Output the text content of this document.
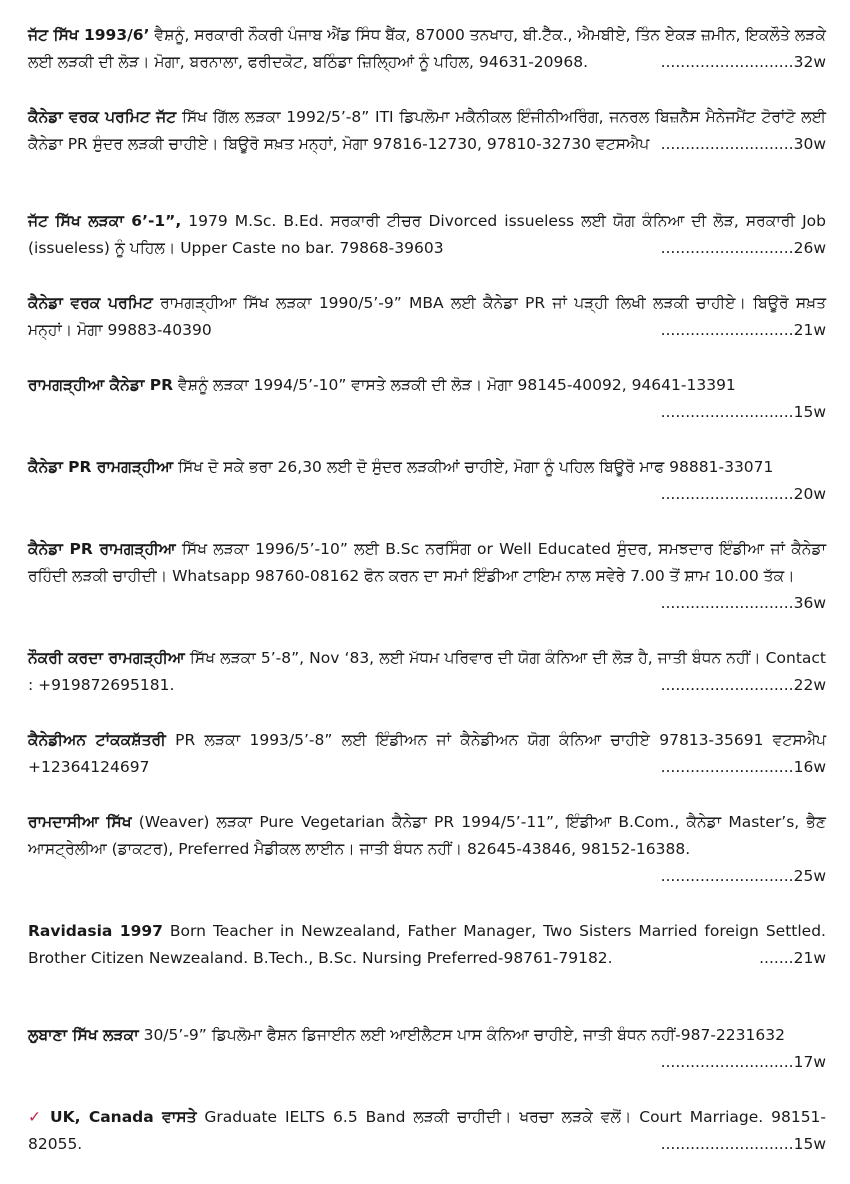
ਜੱਟ ਸਿੱਖ 1993/6’ ਵੈਸ਼ਨੂੰ, ਸਰਕਾਰੀ ਨੌਕਰੀ ਪੰਜਾਬ ਐਂਡ ਸਿੰਧ ਬੈਂਕ, 87000 ਤਨਖਾਹ, ਬੀ.ਟੈੱਕ., ਐਮਬੀਏ, ਤਿੰਨ ਏਕੜ ਜ਼ਮੀਨ, ਇਕਲੌਤੇ ਲੜਕੇ ਲਈ ਲੜਕੀ ਦੀ ਲੋੜ। ਮੋਗਾ, ਬਰਨਾਲਾ, ਫਰੀਦਕੋਟ, ਬਠਿੰਡਾ ਜ਼ਿਲ੍ਹਿਆਂ ਨੂੰ ਪਹਿਲ, 94631-20968.	...........................32w

ਕੈਨੇਡਾ ਵਰਕ ਪਰਮਿਟ ਜੱਟ ਸਿੱਖ ਗਿੱਲ ਲੜਕਾ 1992/5’-8” ITI ਡਿਪਲੋਮਾ ਮਕੈਨੀਕਲ ਇੰਜੀਨੀਅਰਿੰਗ, ਜਨਰਲ ਬਿਜ਼ਨੈੱਸ ਮੈਨੇਜਮੈਂਟ ਟੋਰਾਂਟੋ ਲਈ ਕੈਨੇਡਾ PR ਸੁੰਦਰ ਲੜਕੀ ਚਾਹੀਏ। ਬਿਊਰੋ ਸਖ਼ਤ ਮਨ੍ਹਾਂ, ਮੋਗਾ 97816-12730, 97810-32730 ਵਟਸਐਪ ...........................30w

ਜੱਟ ਸਿੱਖ ਲੜਕਾ 6’-1”, 1979 M.Sc. B.Ed. ਸਰਕਾਰੀ ਟੀਚਰ Divorced issueless ਲਈ ਯੋਗ ਕੰਨਿਆ ਦੀ ਲੋੜ, ਸਰਕਾਰੀ Job (issueless) ਨੂੰ ਪਹਿਲ। Upper Caste no bar. 79868-39603	...........................26w

ਕੈਨੇਡਾ ਵਰਕ ਪਰਮਿਟ ਰਾਮਗੜ੍ਹੀਆ ਸਿੱਖ ਲੜਕਾ 1990/5’-9” MBA ਲਈ ਕੈਨੇਡਾ PR ਜਾਂ ਪੜ੍ਹੀ ਲਿਖੀ ਲੜਕੀ ਚਾਹੀਏ। ਬਿਊਰੋ ਸਖ਼ਤ ਮਨ੍ਹਾਂ। ਮੋਗਾ 99883-40390	...........................21w

ਰਾਮਗੜ੍ਹੀਆ ਕੈਨੇਡਾ PR ਵੈਸ਼ਨੂੰ ਲੜਕਾ 1994/5’-10” ਵਾਸਤੇ ਲੜਕੀ ਦੀ ਲੋੜ। ਮੋਗਾ 98145-40092, 94641-13391
...........................15w

ਕੈਨੇਡਾ PR ਰਾਮਗੜ੍ਹੀਆ ਸਿੱਖ ਦੋ ਸਕੇ ਭਰਾ 26,30 ਲਈ ਦੋ ਸੁੰਦਰ ਲੜਕੀਆਂ ਚਾਹੀਏ, ਮੋਗਾ ਨੂੰ ਪਹਿਲ ਬਿਊਰੋ ਮਾਫ 98881-33071
...........................20w

ਕੈਨੇਡਾ PR ਰਾਮਗੜ੍ਹੀਆ ਸਿੱਖ ਲੜਕਾ 1996/5’-10” ਲਈ B.Sc ਨਰਸਿੰਗ or Well Educated ਸੁੰਦਰ, ਸਮਝਦਾਰ ਇੰਡੀਆ ਜਾਂ ਕੈਨੇਡਾ ਰਹਿੰਦੀ ਲੜਕੀ ਚਾਹੀਦੀ। Whatsapp 98760-08162 ਫੋਨ ਕਰਨ ਦਾ ਸਮਾਂ ਇੰਡੀਆ ਟਾਇਮ ਨਾਲ ਸਵੇਰੇ 7.00 ਤੋਂ ਸ਼ਾਮ 10.00 ਤੱਕ।
...........................36w

ਨੌਕਰੀ ਕਰਦਾ ਰਾਮਗੜ੍ਹੀਆ ਸਿੱਖ ਲੜਕਾ 5’-8”, Nov ‘83, ਲਈ ਮੱਧਮ ਪਰਿਵਾਰ ਦੀ ਯੋਗ ਕੰਨਿਆ ਦੀ ਲੋੜ ਹੈ, ਜਾਤੀ ਬੰਧਨ ਨਹੀਂ। Contact : +919872695181.	...........................22w

ਕੈਨੇਡੀਅਨ ਟਾਂਕਕਸ਼ੱਤਰੀ PR ਲੜਕਾ 1993/5’-8” ਲਈ ਇੰਡੀਅਨ ਜਾਂ ਕੈਨੇਡੀਅਨ ਯੋਗ ਕੰਨਿਆ ਚਾਹੀਏ 97813-35691 ਵਟਸਐਪ +12364124697	...........................16w

ਰਾਮਦਾਸੀਆ ਸਿੱਖ (Weaver) ਲੜਕਾ Pure Vegetarian ਕੈਨੇਡਾ PR 1994/5’-11”, ਇੰਡੀਆ B.Com., ਕੈਨੇਡਾ Master’s, ਭੈਣ ਆਸਟ੍ਰੇਲੀਆ (ਡਾਕਟਰ), Preferred ਮੈਡੀਕਲ ਲਾਈਨ। ਜਾਤੀ ਬੰਧਨ ਨਹੀਂ। 82645-43846, 98152-16388.
...........................25w

Ravidasia 1997 Born Teacher in Newzealand, Father Manager, Two Sisters Married foreign Settled. Brother Citizen Newzealand. B.Tech., B.Sc. Nursing Preferred-98761-79182.	.......21w

ਲੁਬਾਣਾ ਸਿੱਖ ਲੜਕਾ 30/5’-9” ਡਿਪਲੋਮਾ ਫੈਸ਼ਨ ਡਿਜਾਈਨ ਲਈ ਆਈਲੈਟਸ ਪਾਸ ਕੰਨਿਆ ਚਾਹੀਏ, ਜਾਤੀ ਬੰਧਨ ਨਹੀਂ-987-2231632
...........................17w

✓ UK, Canada ਵਾਸਤੇ Graduate IELTS 6.5 Band ਲੜਕੀ ਚਾਹੀਦੀ। ਖਰਚਾ ਲੜਕੇ ਵਲੋਂ। Court Marriage. 98151-82055.	...........................15w
